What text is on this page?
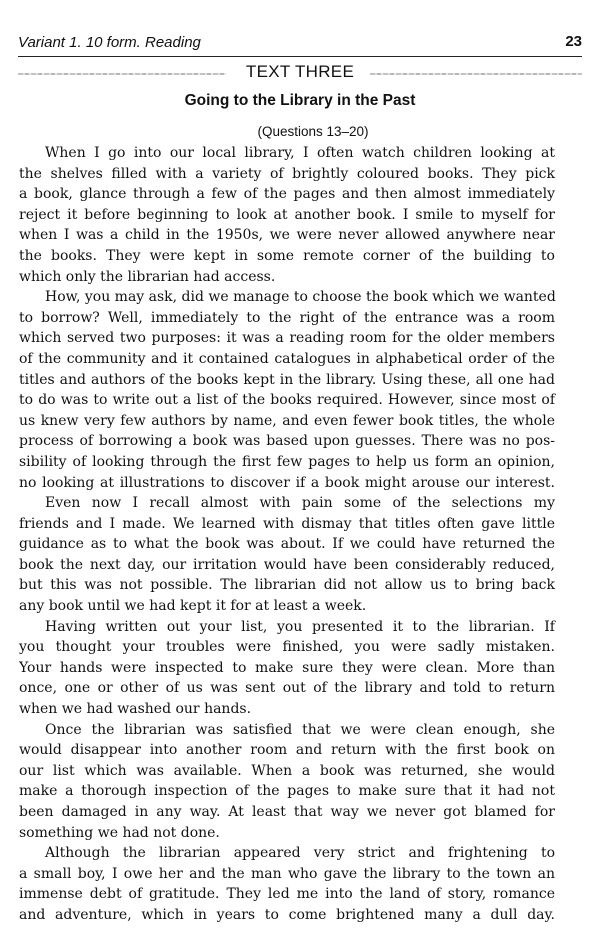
Variant 1. 10 form. Reading	23
TEXT THREE
Going to the Library in the Past
(Questions 13–20)
When I go into our local library, I often watch children looking at
the shelves filled with a variety of brightly coloured books. They pick
a book, glance through a few of the pages and then almost immediately
reject it before beginning to look at another book. I smile to myself for
when I was a child in the 1950s, we were never allowed anywhere near
the books. They were kept in some remote corner of the building to
which only the librarian had access.
How, you may ask, did we manage to choose the book which we wanted
to borrow? Well, immediately to the right of the entrance was a room
which served two purposes: it was a reading room for the older members
of the community and it contained catalogues in alphabetical order of the
titles and authors of the books kept in the library. Using these, all one had
to do was to write out a list of the books required. However, since most of
us knew very few authors by name, and even fewer book titles, the whole
process of borrowing a book was based upon guesses. There was no pos-
sibility of looking through the first few pages to help us form an opinion,
no looking at illustrations to discover if a book might arouse our interest.
Even now I recall almost with pain some of the selections my
friends and I made. We learned with dismay that titles often gave little
guidance as to what the book was about. If we could have returned the
book the next day, our irritation would have been considerably reduced,
but this was not possible. The librarian did not allow us to bring back
any book until we had kept it for at least a week.
Having written out your list, you presented it to the librarian. If
you thought your troubles were finished, you were sadly mistaken.
Your hands were inspected to make sure they were clean. More than
once, one or other of us was sent out of the library and told to return
when we had washed our hands.
Once the librarian was satisfied that we were clean enough, she
would disappear into another room and return with the first book on
our list which was available. When a book was returned, she would
make a thorough inspection of the pages to make sure that it had not
been damaged in any way. At least that way we never got blamed for
something we had not done.
Although the librarian appeared very strict and frightening to
a small boy, I owe her and the man who gave the library to the town an
immense debt of gratitude. They led me into the land of story, romance
and adventure, which in years to come brightened many a dull day.
